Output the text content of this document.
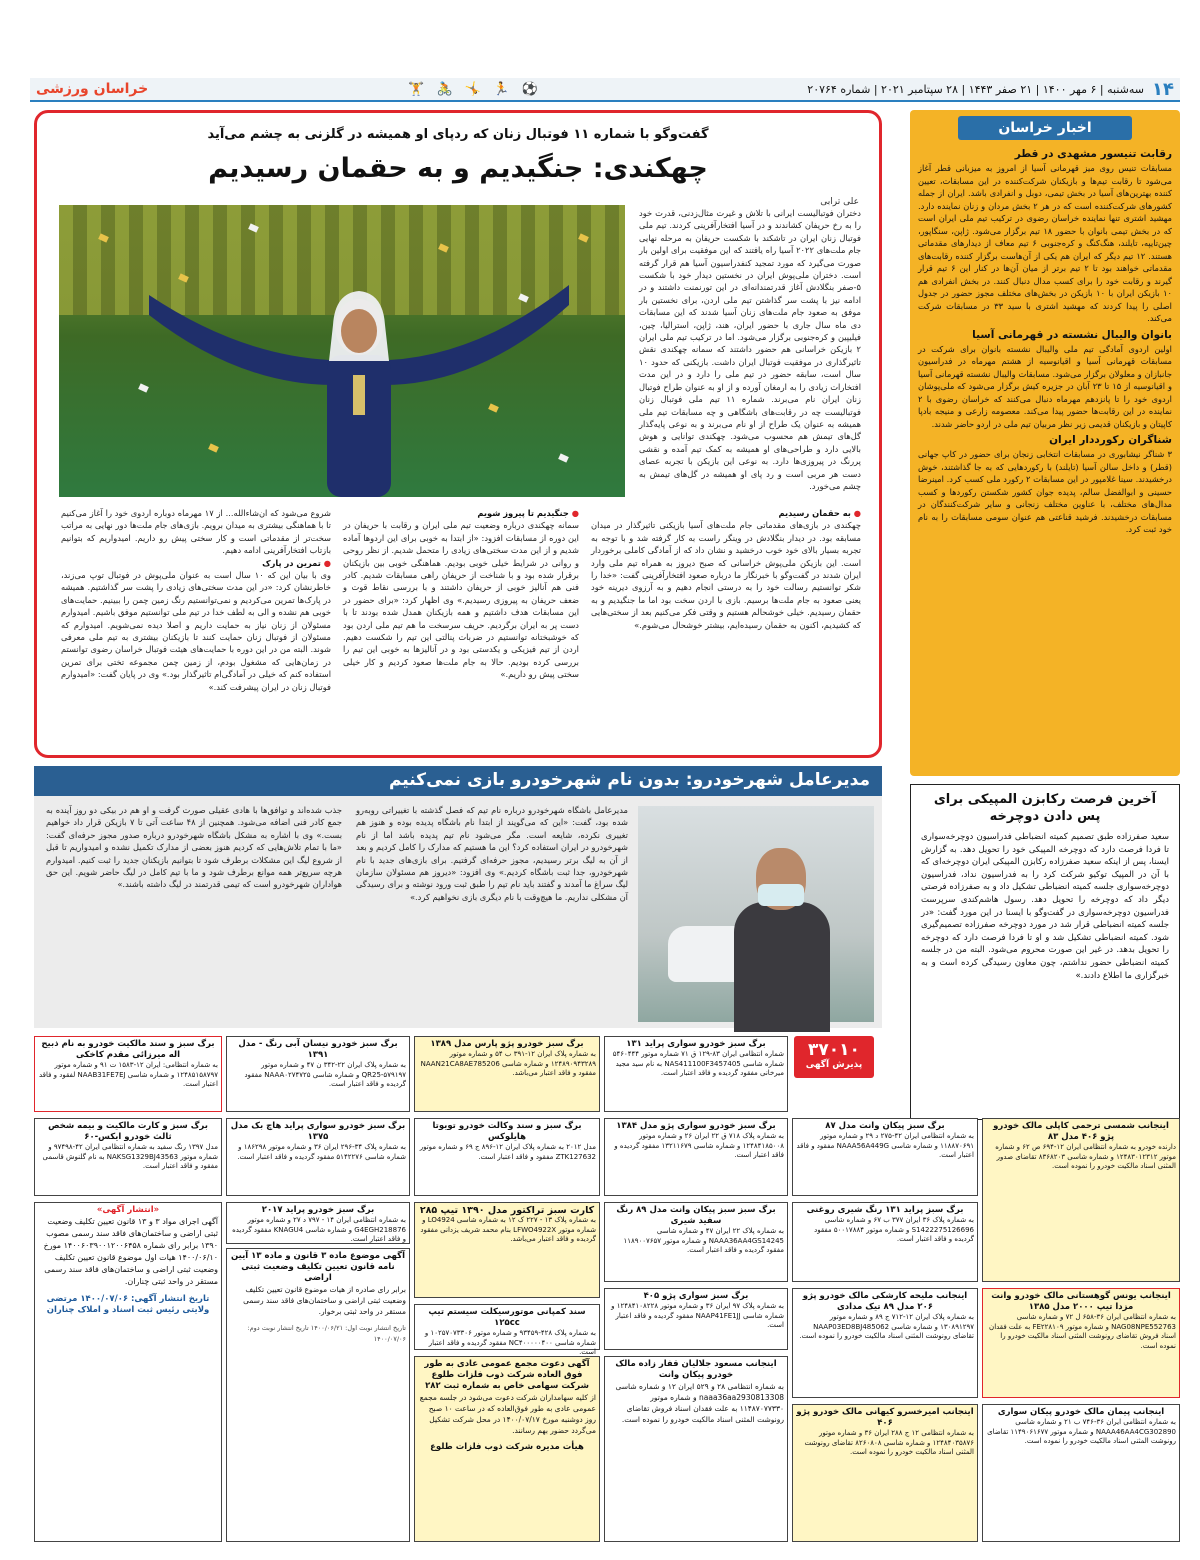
۱۴
سه‌شنبه | ۶ مهر ۱۴۰۰ | ۲۱ صفر ۱۴۴۳ | ۲۸ سپتامبر ۲۰۲۱ | شماره ۲۰۷۶۴
⚽ 🏃 🤸 🚴 🏋
خراسان ورزشی
گفت‌وگو با شماره ۱۱ فوتبال زنان که ردپای او همیشه در گلزنی به چشم می‌آید
چهکندی: جنگیدیم و به حقمان رسیدیم
علی ترابی
دختران فوتبالیست ایرانی با تلاش و غیرت مثال‌زدنی، قدرت خود را به رخ حریفان کشاندند و در آسیا افتخارآفرینی کردند. تیم ملی فوتبال زنان ایران در تاشکند با شکست حریفان به مرحله نهایی جام ملت‌های ۲۰۲۲ آسیا راه یافتند که این موفقیت برای اولین بار صورت می‌گیرد که مورد تمجید کنفدراسیون آسیا هم قرار گرفته است. دختران ملی‌پوش ایران در نخستین دیدار خود با شکست ۵-صفر بنگلادش آغاز قدرتمندانه‌ای در این تورنمنت داشتند و در ادامه نیز با پشت سر گذاشتن تیم ملی اردن، برای نخستین بار موفق به صعود جام ملت‌های زنان آسیا شدند که این مسابقات دی ماه سال جاری با حضور ایران، هند، ژاپن، استرالیا، چین، فیلیپین و کره‌جنوبی برگزار می‌شود. اما در ترکیب تیم ملی ایران ۲ بازیکن خراسانی هم حضور داشتند که سمانه چهکندی نقش تاثیرگذاری در موفقیت فوتبال ایران داشت. بازیکنی که حدود ۱۰ سال است، سابقه حضور در تیم ملی را دارد و در این مدت افتخارات زیادی را به ارمغان آورده و از او به عنوان طراح فوتبال زنان ایران نام می‌برند. شماره ۱۱ تیم ملی فوتبال زنان فوتبالیست چه در رقابت‌های باشگاهی و چه مسابقات تیم ملی همیشه به عنوان یک طراح از او نام می‌برند و به نوعی پایه‌گذار گل‌های تیمش هم محسوب می‌شود. چهکندی توانایی و هوش بالایی دارد و طراحی‌های او همیشه به کمک تیم آمده و نقشی پررنگ در پیروزی‌ها دارد. به نوعی این بازیکن با تجربه عصای دست هر مربی است و رد پای او همیشه در گل‌های تیمش به چشم می‌خورد.
● به حقمان رسیدیم
چهکندی در بازی‌های مقدماتی جام ملت‌های آسیا بازیکنی تاثیرگذار در میدان مسابقه بود. در دیدار بنگلادش در وینگر راست به کار گرفته شد و با توجه به تجربه بسیار بالای خود خوب درخشید و نشان داد که از آمادگی کاملی برخوردار است. این بازیکن ملی‌پوش خراسانی که صبح دیروز به همراه تیم ملی وارد ایران شدند در گفت‌وگو با خبرنگار ما درباره صعود افتخارآفرینی گفت: «خدا را شکر توانستیم رسالت خود را به درستی انجام دهیم و به آرزوی دیرینه خود یعنی صعود به جام ملت‌ها برسیم. بازی با اردن سخت بود اما ما جنگیدیم و به حقمان رسیدیم. خیلی خوشحالم هستیم و وقتی فکر می‌کنیم بعد از سختی‌هایی که کشیدیم، اکنون به حقمان رسیده‌ایم، بیشتر خوشحال می‌شوم.»
● جنگیدیم تا پیروز شویم
سمانه چهکندی درباره وضعیت تیم ملی ایران و رقابت با حریفان در این دوره از مسابقات افزود: «از ابتدا به خوبی برای این اردوها آماده شدیم و از این مدت سختی‌های زیادی را متحمل شدیم. از نظر روحی و روانی در شرایط خیلی خوبی بودیم. هماهنگی خوبی بین بازیکنان برقرار شده بود و با شناخت از حریفان راهی مسابقات شدیم. کادر فنی هم آنالیز خوبی از حریفان داشتند و با بررسی نقاط قوت و ضعف حریفان به پیروزی رسیدیم.» وی اظهار کرد: «برای حضور در این مسابقات هدف داشتیم و همه بازیکنان همدل شده بودند تا با دست پر به ایران برگردیم. حریف سرسخت ما هم تیم ملی اردن بود که خوشبختانه توانستیم در ضربات پنالتی این تیم را شکست دهیم. اردن از تیم فیزیکی و یکدستی بود و در آنالیزها به خوبی این تیم را بررسی کرده بودیم. حالا به جام ملت‌ها صعود کردیم و کار خیلی سختی پیش رو داریم.»
شروع می‌شود که ان‌شاءالله... از ۱۷ مهرماه دوباره اردوی خود را آغاز می‌کنیم تا با هماهنگی بیشتری به میدان برویم. بازی‌های جام ملت‌ها دور نهایی به مراتب سخت‌تر از مقدماتی است و کار سختی پیش رو داریم. امیدواریم که بتوانیم بازتاب افتخارآفرینی ادامه دهیم.
● تمرین در پارک
وی با بیان این که ۱۰ سال است به عنوان ملی‌پوش در فوتبال توپ می‌زند، خاطرنشان کرد: «در این مدت سختی‌های زیادی را پشت سر گذاشتیم. همیشه در پارک‌ها تمرین می‌کردیم و نمی‌توانستیم رنگ زمین چمن را ببینیم. حمایت‌های خوبی هم نشده و الی به لطف خدا در تیم ملی توانستیم موفق باشیم. امیدوارم مسئولان از زنان نیاز به حمایت داریم و اصلا دیده نمی‌شویم. امیدوارم که مسئولان از فوتبال زنان حمایت کنند تا بازیکنان بیشتری به تیم ملی معرفی شوند. البته من در این دوره با حمایت‌های هیئت فوتبال خراسان رضوی توانستم در زمان‌هایی که مشغول بودم، از زمین چمن مجموعه تختی برای تمرین استفاده کنم که خیلی در آمادگی‌ام تاثیرگذار بود.» وی در پایان گفت: «امیدوارم فوتبال زنان در ایران پیشرفت کند.»
اخبار خراسان
رقابت تنیسور مشهدی در قطر
مسابقات تنیس روی میز قهرمانی آسیا از امروز به میزبانی قطر آغاز می‌شود تا رقابت تیم‌ها و بازیکنان شرکت‌کننده در این مسابقات، تعیین کننده بهترین‌های آسیا در بخش تیمی، دوبل و انفرادی باشد. ایران از جمله کشورهای شرکت‌کننده است که در هر ۲ بخش مردان و زنان نماینده دارد. مهشید اشتری تنها نماینده خراسان رضوی در ترکیب تیم ملی ایران است که در بخش تیمی بانوان با حضور ۱۸ تیم برگزار می‌شود. ژاپن، سنگاپور، چین‌تایپه، تایلند، هنگ‌کنگ و کره‌جنوبی ۶ تیم معاف از دیدارهای مقدماتی هستند. ۱۲ تیم دیگر که ایران هم یکی از آن‌هاست برگزار کننده رقابت‌های مقدماتی خواهند بود تا ۲ تیم برتر از میان آن‌ها در کنار این ۶ تیم قرار گیرند و رقابت خود را برای کسب مدال دنبال کنند. در بخش انفرادی هم ۱۰ بازیکن ایران با ۱۰ بازیکن در بخش‌های مختلف مجوز حضور در جدول اصلی را پیدا کردند که مهشید اشتری با سید ۳۳ در مسابقات شرکت می‌کند.
بانوان والیبال نشسته در قهرمانی آسیا
اولین اردوی آمادگی تیم ملی والیبال نشسته بانوان برای شرکت در مسابقات قهرمانی آسیا و اقیانوسیه از هشتم مهرماه در فدراسیون جانبازان و معلولان برگزار می‌شود. مسابقات والیبال نشسته قهرمانی آسیا و اقیانوسیه از ۱۵ تا ۲۳ آبان در جزیره کیش برگزار می‌شود که ملی‌پوشان اردوی خود را تا پانزدهم مهرماه دنبال می‌کنند که خراسان رضوی با ۲ نماینده در این رقابت‌ها حضور پیدا می‌کند. معصومه زارعی و منیجه بادپا کاپیتان و بازیکنان قدیمی زیر نظر مربیان تیم ملی در اردو حاضر شدند.
شناگران رکورددار ایران
۳ شناگر نیشابوری در مسابقات انتخابی زنجان برای حضور در کاپ جهانی (قطر) و داخل سالن آسیا (تایلند) با رکوردهایی که به جا گذاشتند، خوش درخشیدند. سینا غلامپور در این مسابقات ۲ رکورد ملی کسب کرد. امینرضا حسینی و ابوالفضل سالم، پدیده جوان کشور شکستن رکوردها و کسب مدال‌های مختلف، با عناوین مختلف زنجانی و سایر شرکت‌کنندگان در مسابقات درخشیدند. فرشید قناعتی هم عنوان سومی مسابقات را به نام خود ثبت کرد.
آخرین فرصت رکابزن المپیکی برای پس دادن دوچرخه
سعید صفرزاده طبق تصمیم کمیته انضباطی فدراسیون دوچرخه‌سواری تا فردا فرصت دارد که دوچرخه المپیکی خود را تحویل دهد. به گزارش ایسنا، پس از اینکه سعید صفرزاده رکابزن المپیکی ایران دوچرخه‌ای که با آن در المپیک توکیو شرکت کرد را به فدراسیون نداد، فدراسیون دوچرخه‌سواری جلسه کمیته انضباطی تشکیل داد و به صفرزاده فرصتی دیگر داد که دوچرخه را تحویل دهد. رسول هاشم‌کندی سرپرست فدراسیون دوچرخه‌سواری در گفت‌وگو با ایسنا در این مورد گفت: «در جلسه کمیته انضباطی قرار شد در مورد دوچرخه صفرزاده تصمیم‌گیری شود. کمیته انضباطی تشکیل شد و او تا فردا فرصت دارد که دوچرخه را تحویل بدهد. در غیر این صورت محروم می‌شود. البته من در جلسه کمیته انضباطی حضور نداشتم، چون معاون رسیدگی کرده است و به خبرگزاری ما اطلاع دادند.»
مدیرعامل شهرخودرو: بدون نام شهرخودرو بازی نمی‌کنیم
مدیرعامل باشگاه شهرخودرو درباره نام تیم که فصل گذشته با تغییراتی روبه‌رو شده بود، گفت: «این که می‌گویند از ابتدا نام باشگاه پدیده بوده و هنوز هم تغییری نکرده، شایعه است. مگر می‌شود نام تیم پدیده باشد اما از نام شهرخودرو در ایران استفاده کرد؟ این ما هستیم که مدارک را کامل کردیم و بعد از آن به لیگ برتر رسیدیم، مجوز حرفه‌ای گرفتیم. برای بازی‌های جدید با نام شهرخودرو، جدا ثبت باشگاه کردیم.» وی افزود: «دیروز هم مسئولان سازمان لیگ سراغ ما آمدند و گفتند باید نام تیم را طبق ثبت ورود نوشته و برای رسیدگی آن مشکلی نداریم. ما هیچ‌وقت با نام دیگری بازی نخواهیم کرد.»
جذب شده‌اند و توافق‌ها با هادی عقیلی صورت گرفت و او هم در بیکی دو روز آینده به جمع کادر فنی اضافه می‌شود. همچنین از ۴۸ ساعت آتی تا ۷ بازیکن قرار داد خواهیم بست.» وی با اشاره به مشکل باشگاه شهرخودرو درباره صدور مجوز حرفه‌ای گفت: «ما با تمام تلاش‌هایی که کردیم هنوز بعضی از مدارک تکمیل نشده و امیدواریم تا قبل از شروع لیگ این مشکلات برطرف شود تا بتوانیم بازیکنان جدید را ثبت کنیم. امیدوارم هرچه سریع‌تر همه موانع برطرف شود و ما با تیم کامل در لیگ حاضر شویم. این حق هواداران شهرخودرو است که تیمی قدرتمند در لیگ داشته باشند.»
۳۷۰۱۰
پذیرش آگهی
برگ سبز و سند مالکیت خودرو به نام ذبیح اله میرزائی مقدم کاخکی
به شماره انتظامی: ایران ۱۲-۱۵۸۳ ت ۹۱ و شماره موتور ۱۲۴۸۵۱۵۸۷۹۷ و شماره شاسی NAAB31FE7EJ لفقود و فاقد اعتبار است.
برگ سبز خودرو نیسان آبی رنگ - مدل ۱۳۹۱
به شماره پلاک ایران ۲۲-۳۴۲ ن ۴۷ و شماره موتور QR25-۵۷۹۱۹۷ و شماره شاسی NAAA۰۲۷۴۷۲۵ مفقود گردیده و فاقد اعتبار است.
برگ سبز خودرو پژو پارس مدل ۱۳۸۹
به شماره پلاک ایران ۱۲-۳۹۱ ب ۵۴ و شماره موتور ۱۲۴۸۹۰۹۴۳۲۸۹ و شماره شاسی NAAN21CA8AE785206 مفقود و فاقد اعتبار می‌باشد.
برگ سبز خودرو سواری پراید ۱۳۱
شماره انتظامی ایران ۸۳-۱۲۹ ق ۷۱ شماره موتور ۵۴۶۰۴۴۴ شماره شاسی NAS411100F3457405 به نام سید مجید میرخانی مفقود گردیده و فاقد اعتبار است.
برگ سبز و کارت مالکیت و بیمه شخص ثالث خودرو ایکس-۶۰
مدل ۱۳۹۷ رنگ سفید به شماره انتظامی ایران ۴۲-۹۷۴۹۸ و شماره موتور NAKSG1329BJ43563 به نام گلنوش قاسمی مفقود و فاقد اعتبار است.
برگ سبز خودرو سواری پراید هاچ بک مدل ۱۳۷۵
به شماره پلاک ۳۴-۲۹۶ ایران ۳۶ و شماره موتور ۱۸۶۲۹۸ و شماره شاسی ۵۱۴۲۲۷۶ مفقود گردیده و فاقد اعتبار است.
برگ سبز و سند وکالت خودرو تویوتا هایلوکس
مدل ۲۰۱۲ به شماره پلاک ایران ۱۲-۸۹۶ ج ۶۹ و شماره موتور ZTK127632 مفقود و فاقد اعتبار است.
برگ سبز خودرو سواری پژو مدل ۱۳۸۴
به شماره پلاک ۷۱۸ ق ۲۲ ایران ۲۶ و شماره موتور ۱۲۴۸۴۱۸۵۰۰۸ و شماره شاسی ۱۳۲۱۱۶۷۹ مفقود گردیده و فاقد اعتبار است.
برگ سبز پیکان وانت مدل ۸۷
به شماره انتظامی ایران ۴۲-۲۷۵ د ۲۹ و شماره موتور ۱۱۸۸۷۰۶۹۱ و شماره شاسی NAAA56A449G مفقود و فاقد اعتبار است.
اینجانب شمسی ترحمی کاپلی مالک خودرو پژو ۴۰۶ مدل ۸۳
دارنده خودرو به شماره انتظامی ایران ۱۲-۶۹۴ ص ۶۲ و شماره موتور ۱۲۴۸۳۰۱۲۳۱۲ و شماره شاسی ۸۳۶۸۲۰۳ تقاضای صدور المثنی اسناد مالکیت خودرو را نموده است.
«انتشار آگهی»
آگهی اجرای مواد ۳ و ۱۳ قانون تعیین تکلیف وضعیت ثبتی اراضی و ساختمان‌های فاقد سند رسمی مصوب ۱۳۹۰ برابر رای شماره ۱۴۰۰۶۰۳۹۰۰۱۲۰۰۶۴۵۸ مورخ ۱۴۰۰/۰۶/۱۰ هیات اول موضوع قانون تعیین تکلیف وضعیت ثبتی اراضی و ساختمان‌های فاقد سند رسمی مستقر در واحد ثبتی چناران.
تاریخ انتشار آگهی: ۱۴۰۰/۰۷/۰۶ مرتضی ولایتی رئیس ثبت اسناد و املاک چناران
آگهی موضوع ماده ۳ قانون و ماده ۱۳ آیین نامه قانون تعیین تکلیف وضعیت ثبتی اراضی
برابر رای صادره از هیات موضوع قانون تعیین تکلیف وضعیت ثبتی اراضی و ساختمان‌های فاقد سند رسمی مستقر در واحد ثبتی برخوار.
تاریخ انتشار نوبت اول: ۱۴۰۰/۰۶/۲۱ تاریخ انتشار نوبت دوم: ۱۴۰۰/۰۷/۰۶
برگ سبز خودرو پراید ۲۰۱۷
به شماره انتظامی ایران ۱۴ - ۷۹۷ د ۲۷ و شماره موتور G4EGH218876 و شماره شاسی KNAGU4 مفقود گردیده و فاقد اعتبار است.
کارت سبز تراکتور مدل ۱۳۹۰ تیپ ۲۸۵
به شماره پلاک ۱۳ - ۲۲۷ ک ۱۲ به شماره شاسی LO4924 و شماره موتور LFWO4922X بنام محمد شریف یزدانی مفقود گردیده و فاقد اعتبار می‌باشد.
برگ سبز سبز پیکان وانت مدل ۸۹ رنگ سفید شیری
به شماره پلاک ۲۲ ایران ۴۷ و شماره شاسی NAAA36AA4GS14245 و شماره موتور ۱۱۸۹۰۰۷۶۵۷ مفقود گردیده و فاقد اعتبار است.
برگ سبز پراید ۱۳۱ رنگ شیری روغنی
به شماره پلاک ۳۶ ایران ۳۷۷ ب ۶۷ و شماره شاسی S1422275126696 و شماره موتور ۵۰۰۱۷۸۸۴ مفقود گردیده و فاقد اعتبار است.
اینجانب یونس گوهستانی مالک خودرو وانت مزدا تیپ ۲۰۰۰ مدل ۱۳۸۵
به شماره انتظامی ایران ۳۶-۶۵۸ ل ۷۲ و شماره شاسی NAG08NPE552763 و شماره موتور FE۲۲۸۱۰۹ به علت فقدان اسناد فروش تقاضای رونوشت المثنی اسناد مالکیت خودرو را نموده است.
سند کمپانی موتورسیکلت سیستم تیپ ۱۲۵cc
به شماره پلاک ۴۲۸-۹۳۴۵۹ و شماره موتور ۱۰۲۵۷۰۷۳۳۰۶ و شماره شاسی NC۴۰۰۰۰۰۴۰۰ مفقود گردیده و فاقد اعتبار است.
برگ سبز سواری پژو ۴۰۵
به شماره پلاک ۹۷ ایران ۳۶ و شماره موتور ۱۲۴۸۴۱۰۸۲۲۸ و شماره شاسی NAAP41FE1JJ مفقود گردیده و فاقد اعتبار است.
اینجانب ملیحه کارشکی مالک خودرو پژو ۲۰۶ مدل ۸۹ تیک مدادی
به شماره پلاک ایران ۱۲-۷۱۲ ج ۸۹ و شماره موتور ۱۳۰۸۹۱۲۹۷ و شماره شاسی NAAP03ED8BJ485062 تقاضای رونوشت المثنی اسناد مالکیت خودرو را نموده است.
آگهی دعوت مجمع عمومی عادی به طور فوق العاده شرکت ذوب فلزات طلوع شرکت سهامی خاص به شماره ثبت ۲۸۲
از کلیه سهامداران شرکت دعوت می‌شود در جلسه مجمع عمومی عادی به طور فوق‌العاده که در ساعت ۱۰ صبح روز دوشنبه مورخ ۱۴۰۰/۰۷/۱۷ در محل شرکت تشکیل می‌گردد حضور بهم رسانند.
هیأت مدیره شرکت ذوب فلزات طلوع
اینجانب مسعود جلالیان قفار زاده مالک خودرو پیکان وانت
به شماره انتظامی ۲۸ و ۵۲۹ ایران ۱۲ و شماره شاسی naaa36aa2930813308 و شماره موتور ۱۱۴۸۷۰۷۷۳۳۰ به علت فقدان اسناد فروش تقاضای رونوشت المثنی اسناد مالکیت خودرو را نموده است.
اینجانب امیرخسرو کیهانی مالک خودرو پژو ۴۰۶
به شماره انتظامی ۱۲ ج ۲۸۸ ایران ۳۶ و شماره موتور ۱۲۴۸۴۰۳۵۸۷۶ و شماره شاسی ۸۲۶۰۸۰۸ تقاضای رونوشت المثنی اسناد مالکیت خودرو را نموده است.
اینجانب پیمان مالک خودرو پیکان سواری
به شماره انتظامی ایران ۳۶-۷۴۶ ب ۲۱ و شماره شاسی NAAA46AA4CG302890 و شماره موتور ۱۱۴۹۰۶۱۶۷۷ تقاضای رونوشت المثنی اسناد مالکیت خودرو را نموده است.
